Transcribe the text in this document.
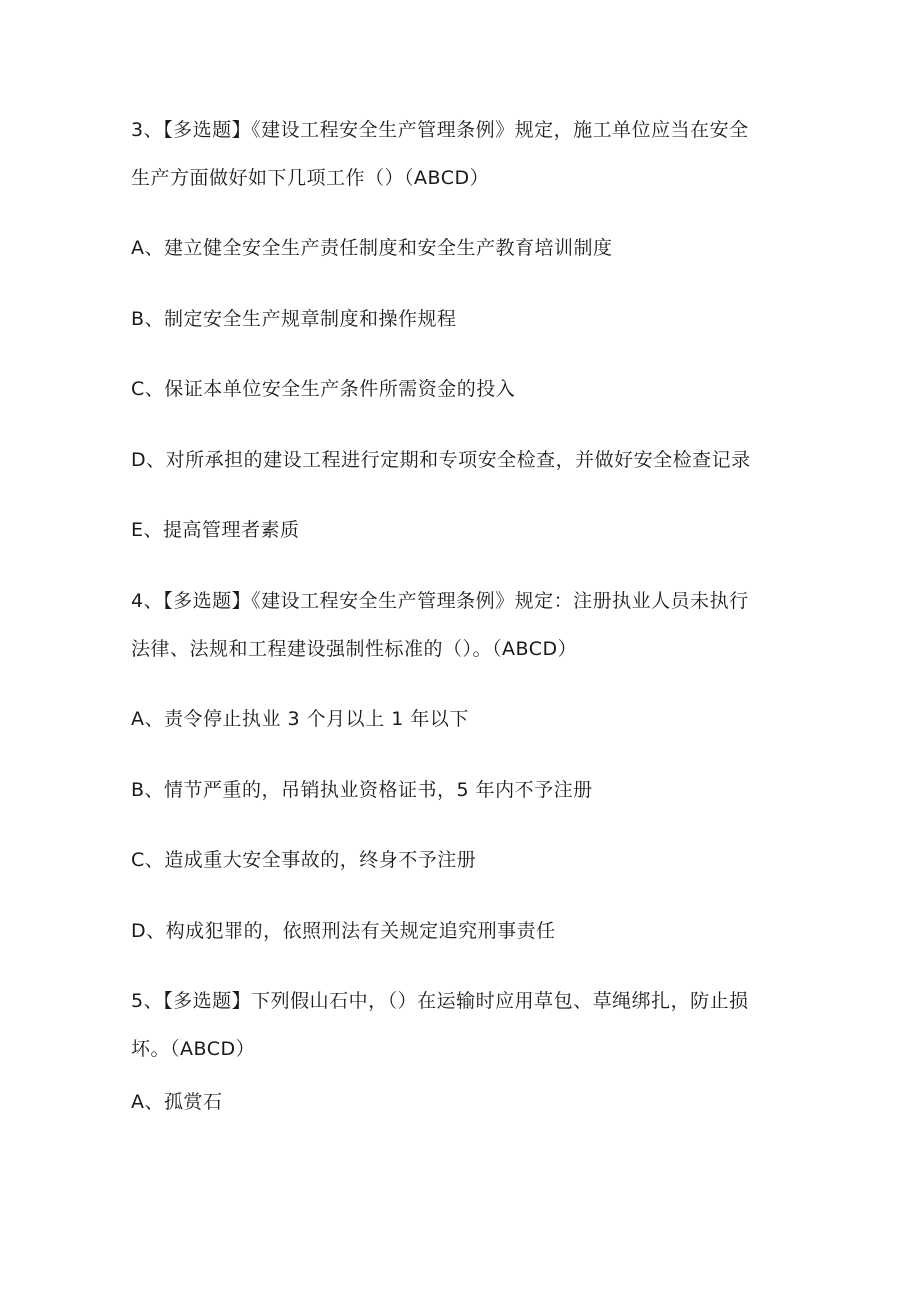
3、【多选题】《建设工程安全生产管理条例》规定，施工单位应当在安全
生产方面做好如下几项工作（）（ABCD）
A、建立健全安全生产责任制度和安全生产教育培训制度
B、制定安全生产规章制度和操作规程
C、保证本单位安全生产条件所需资金的投入
D、对所承担的建设工程进行定期和专项安全检查，并做好安全检查记录
E、提高管理者素质
4、【多选题】《建设工程安全生产管理条例》规定：注册执业人员未执行
法律、法规和工程建设强制性标准的（）。（ABCD）
A、责令停止执业 3 个月以上 1 年以下
B、情节严重的，吊销执业资格证书，5 年内不予注册
C、造成重大安全事故的，终身不予注册
D、构成犯罪的，依照刑法有关规定追究刑事责任
5、【多选题】下列假山石中，（）在运输时应用草包、草绳绑扎，防止损
坏。（ABCD）
A、孤赏石
